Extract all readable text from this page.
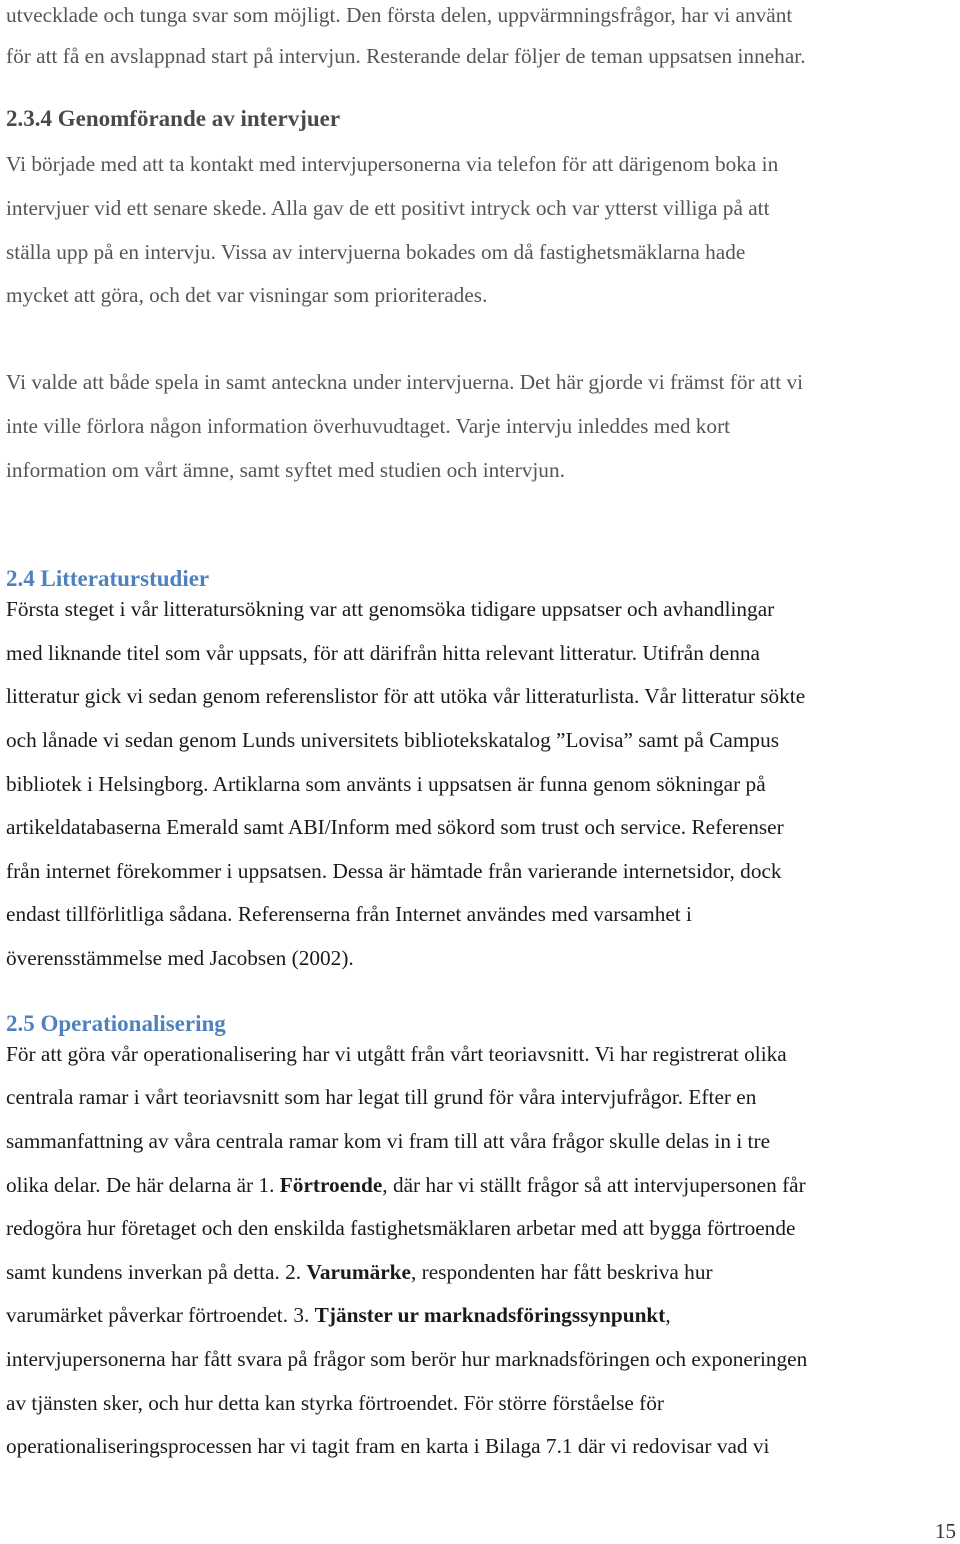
utvecklade och tunga svar som möjligt. Den första delen, uppvärmningsfrågor, har vi använt
för att få en avslappnad start på intervjun. Resterande delar följer de teman uppsatsen innehar.
2.3.4 Genomförande av intervjuer
Vi började med att ta kontakt med intervjupersonerna via telefon för att därigenom boka in
intervjuer vid ett senare skede. Alla gav de ett positivt intryck och var ytterst villiga på att
ställa upp på en intervju. Vissa av intervjuerna bokades om då fastighetsmäklarna hade
mycket att göra, och det var visningar som prioriterades.
Vi valde att både spela in samt anteckna under intervjuerna. Det här gjorde vi främst för att vi
inte ville förlora någon information överhuvudtaget. Varje intervju inleddes med kort
information om vårt ämne, samt syftet med studien och intervjun.
2.4 Litteraturstudier
Första steget i vår litteratursökning var att genomsöka tidigare uppsatser och avhandlingar
med liknande titel som vår uppsats, för att därifrån hitta relevant litteratur. Utifrån denna
litteratur gick vi sedan genom referenslistor för att utöka vår litteraturlista. Vår litteratur sökte
och lånade vi sedan genom Lunds universitets bibliotekskatalog ”Lovisa” samt på Campus
bibliotek i Helsingborg. Artiklarna som använts i uppsatsen är funna genom sökningar på
artikeldatabaserna Emerald samt ABI/Inform med sökord som trust och service. Referenser
från internet förekommer i uppsatsen. Dessa är hämtade från varierande internetsidor, dock
endast tillförlitliga sådana. Referenserna från Internet användes med varsamhet i
överensstämmelse med Jacobsen (2002).
2.5 Operationalisering
För att göra vår operationalisering har vi utgått från vårt teoriavsnitt. Vi har registrerat olika
centrala ramar i vårt teoriavsnitt som har legat till grund för våra intervjufrågor. Efter en
sammanfattning av våra centrala ramar kom vi fram till att våra frågor skulle delas in i tre
olika delar. De här delarna är 1. Förtroende, där har vi ställt frågor så att intervjupersonen får
redogöra hur företaget och den enskilda fastighetsmäklaren arbetar med att bygga förtroende
samt kundens inverkan på detta. 2. Varumärke, respondenten har fått beskriva hur
varumärket påverkar förtroendet. 3. Tjänster ur marknadsföringssynpunkt,
intervjupersonerna har fått svara på frågor som berör hur marknadsföringen och exponeringen
av tjänsten sker, och hur detta kan styrka förtroendet. För större förståelse för
operationaliseringsprocessen har vi tagit fram en karta i Bilaga 7.1 där vi redovisar vad vi
15
